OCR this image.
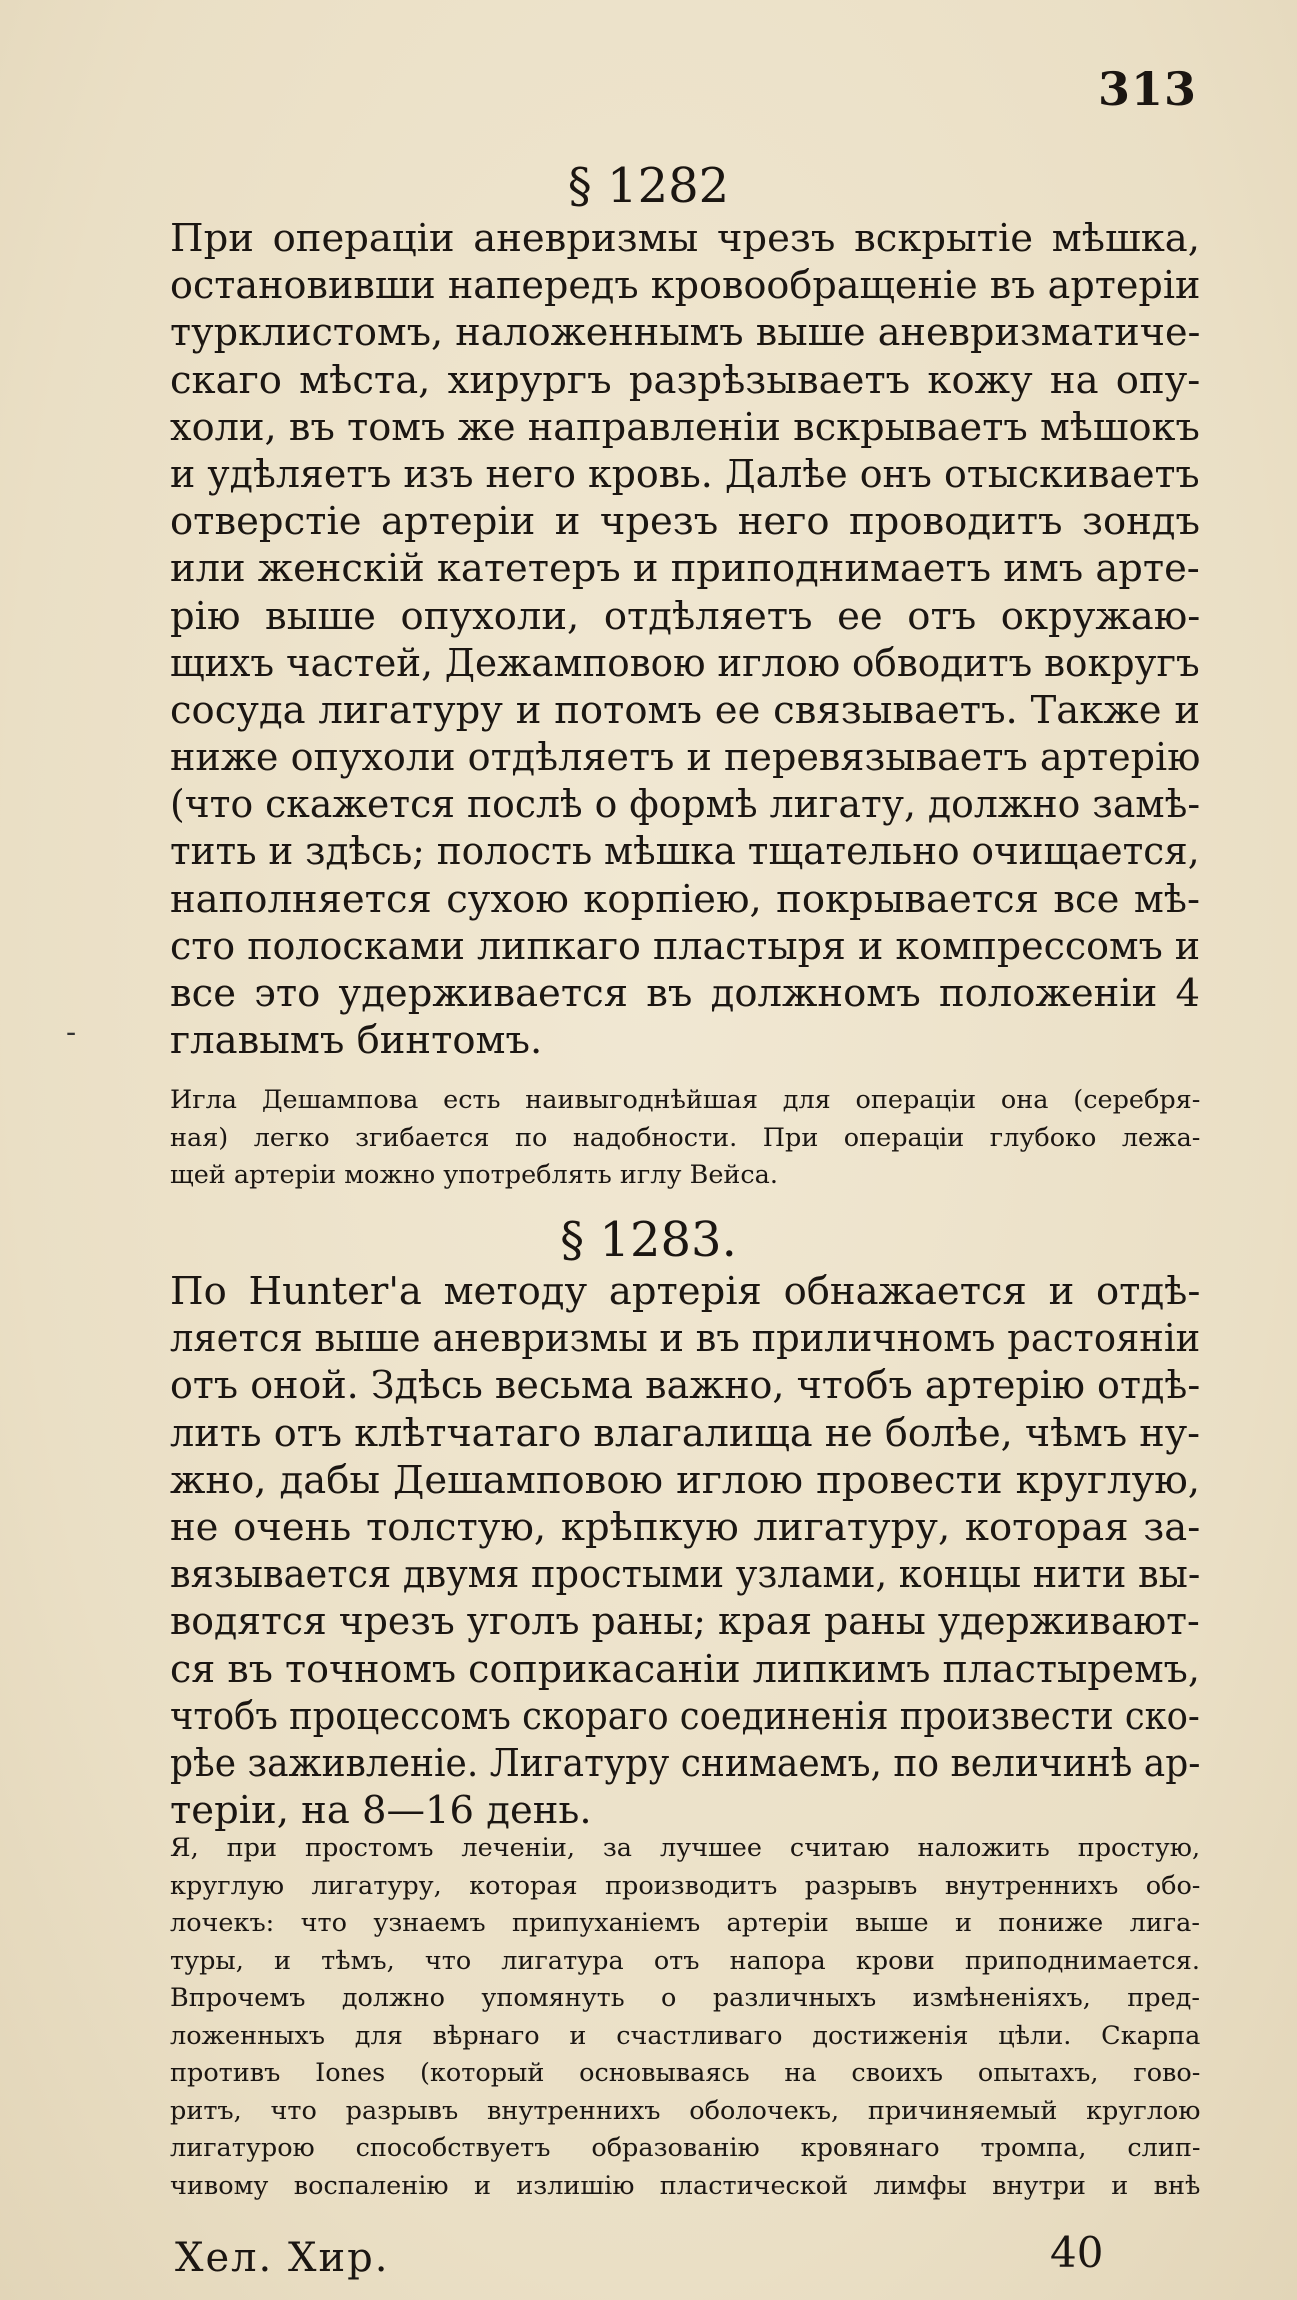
313
§ 1282
При операціи аневризмы чрезъ вскрытіе мѣшка,
остановивши напередъ кровообращеніе въ артеріи
турклистомъ, наложеннымъ выше аневризматиче-
скаго мѣста, хирургъ разрѣзываетъ кожу на опу-
холи, въ томъ же направленіи вскрываетъ мѣшокъ
и удѣляетъ изъ него кровь. Далѣе онъ отыскиваетъ
отверстіе артеріи и чрезъ него проводитъ зондъ
или женскій катетеръ и приподнимаетъ имъ арте-
рію выше опухоли, отдѣляетъ ее отъ окружаю-
щихъ частей, Дежамповою иглою обводитъ вокругъ
сосуда лигатуру и потомъ ее связываетъ. Также и
ниже опухоли отдѣляетъ и перевязываетъ артерію
(что скажется послѣ о формѣ лигату, должно замѣ-
тить и здѣсь; полость мѣшка тщательно очищается,
наполняется сухою корпіею, покрывается все мѣ-
сто полосками липкаго пластыря и компрессомъ и
все это удерживается въ должномъ положеніи 4
главымъ бинтомъ.
-
Игла Дешампова есть наивыгоднѣйшая для операціи она (серебря-
ная) легко згибается по надобности. При операціи глубоко лежа-
щей артеріи можно употреблять иглу Вейса.
§ 1283.
По Hunter'а методу артерія обнажается и отдѣ-
ляется выше аневризмы и въ приличномъ растояніи
отъ оной. Здѣсь весьма важно, чтобъ артерію отдѣ-
лить отъ клѣтчатаго влагалища не болѣе, чѣмъ ну-
жно, дабы Дешамповою иглою провести круглую,
не очень толстую, крѣпкую лигатуру, которая за-
вязывается двумя простыми узлами, концы нити вы-
водятся чрезъ уголъ раны; края раны удерживают-
ся въ точномъ соприкасаніи липкимъ пластыремъ,
чтобъ процессомъ скораго соединенія произвести ско-
рѣе заживленіе. Лигатуру снимаемъ, по величинѣ ар-
теріи, на 8—16 день.
Я, при простомъ леченіи, за лучшее считаю наложить простую,
круглую лигатуру, которая производитъ разрывъ внутреннихъ обо-
лочекъ: что узнаемъ припуханіемъ артеріи выше и пониже лига-
туры, и тѣмъ, что лигатура отъ напора крови приподнимается.
Впрочемъ должно упомянуть о различныхъ измѣненіяхъ, пред-
ложенныхъ для вѣрнаго и счастливаго достиженія цѣли. Скарпа
противъ Iones (который основываясь на своихъ опытахъ, гово-
ритъ, что разрывъ внутреннихъ оболочекъ, причиняемый круглою
лигатурою способствуетъ образованію кровянаго тромпа, слип-
чивому воспаленію и излишію пластической лимфы внутри и внѣ
Хел. Хир.	40
